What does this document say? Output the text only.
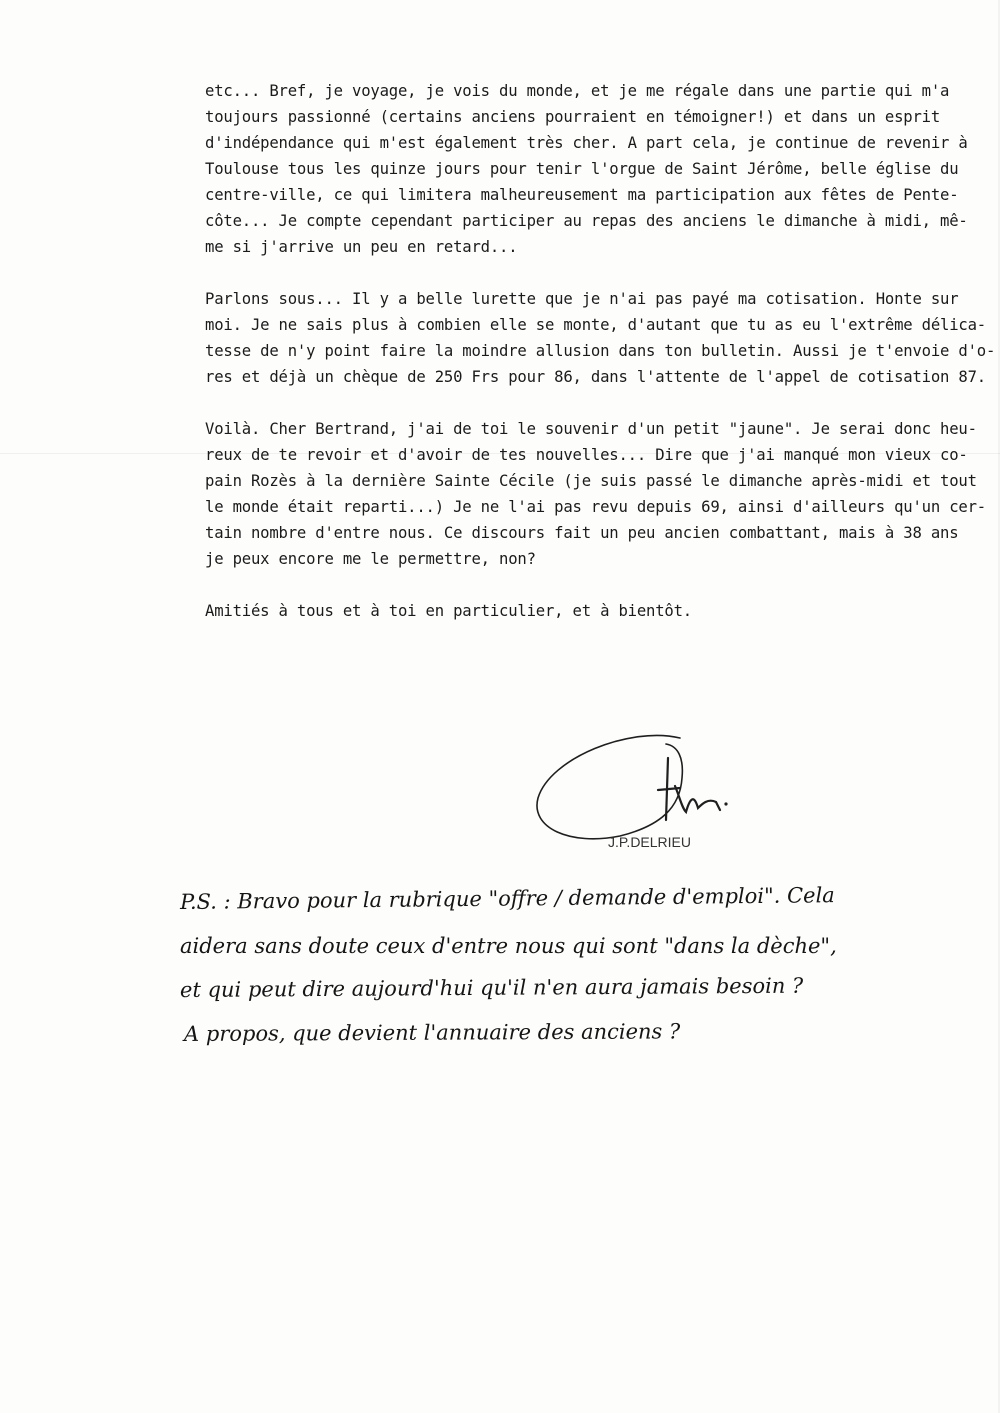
etc... Bref, je voyage, je vois du monde, et je me régale dans une partie qui m'a
toujours passionné (certains anciens pourraient en témoigner!) et dans un esprit
d'indépendance qui m'est également très cher. A part cela, je continue de revenir à
Toulouse tous les quinze jours pour tenir l'orgue de Saint Jérôme, belle église du
centre-ville, ce qui limitera malheureusement ma participation aux fêtes de Pente-
côte... Je compte cependant participer au repas des anciens le dimanche à midi, mê-
me si j'arrive un peu en retard...

Parlons sous... Il y a belle lurette que je n'ai pas payé ma cotisation. Honte sur
moi. Je ne sais plus à combien elle se monte, d'autant que tu as eu l'extrême délica-
tesse de n'y point faire la moindre allusion dans ton bulletin. Aussi je t'envoie d'o-
res et déjà un chèque de 250 Frs pour 86, dans l'attente de l'appel de cotisation 87.

Voilà. Cher Bertrand, j'ai de toi le souvenir d'un petit "jaune". Je serai donc heu-
reux de te revoir et d'avoir de tes nouvelles... Dire que j'ai manqué mon vieux co-
pain Rozès à la dernière Sainte Cécile (je suis passé le dimanche après-midi et tout
le monde était reparti...) Je ne l'ai pas revu depuis 69, ainsi d'ailleurs qu'un cer-
tain nombre d'entre nous. Ce discours fait un peu ancien combattant, mais à 38 ans
je peux encore me le permettre, non?

Amitiés à tous et à toi en particulier, et à bientôt.

J.P.DELRIEU
P.S. : Bravo pour la rubrique "offre / demande d'emploi". Cela
aidera sans doute ceux d'entre nous qui sont "dans la dèche",
et qui peut dire aujourd'hui qu'il n'en aura jamais besoin ?
A propos, que devient l'annuaire des anciens ?
